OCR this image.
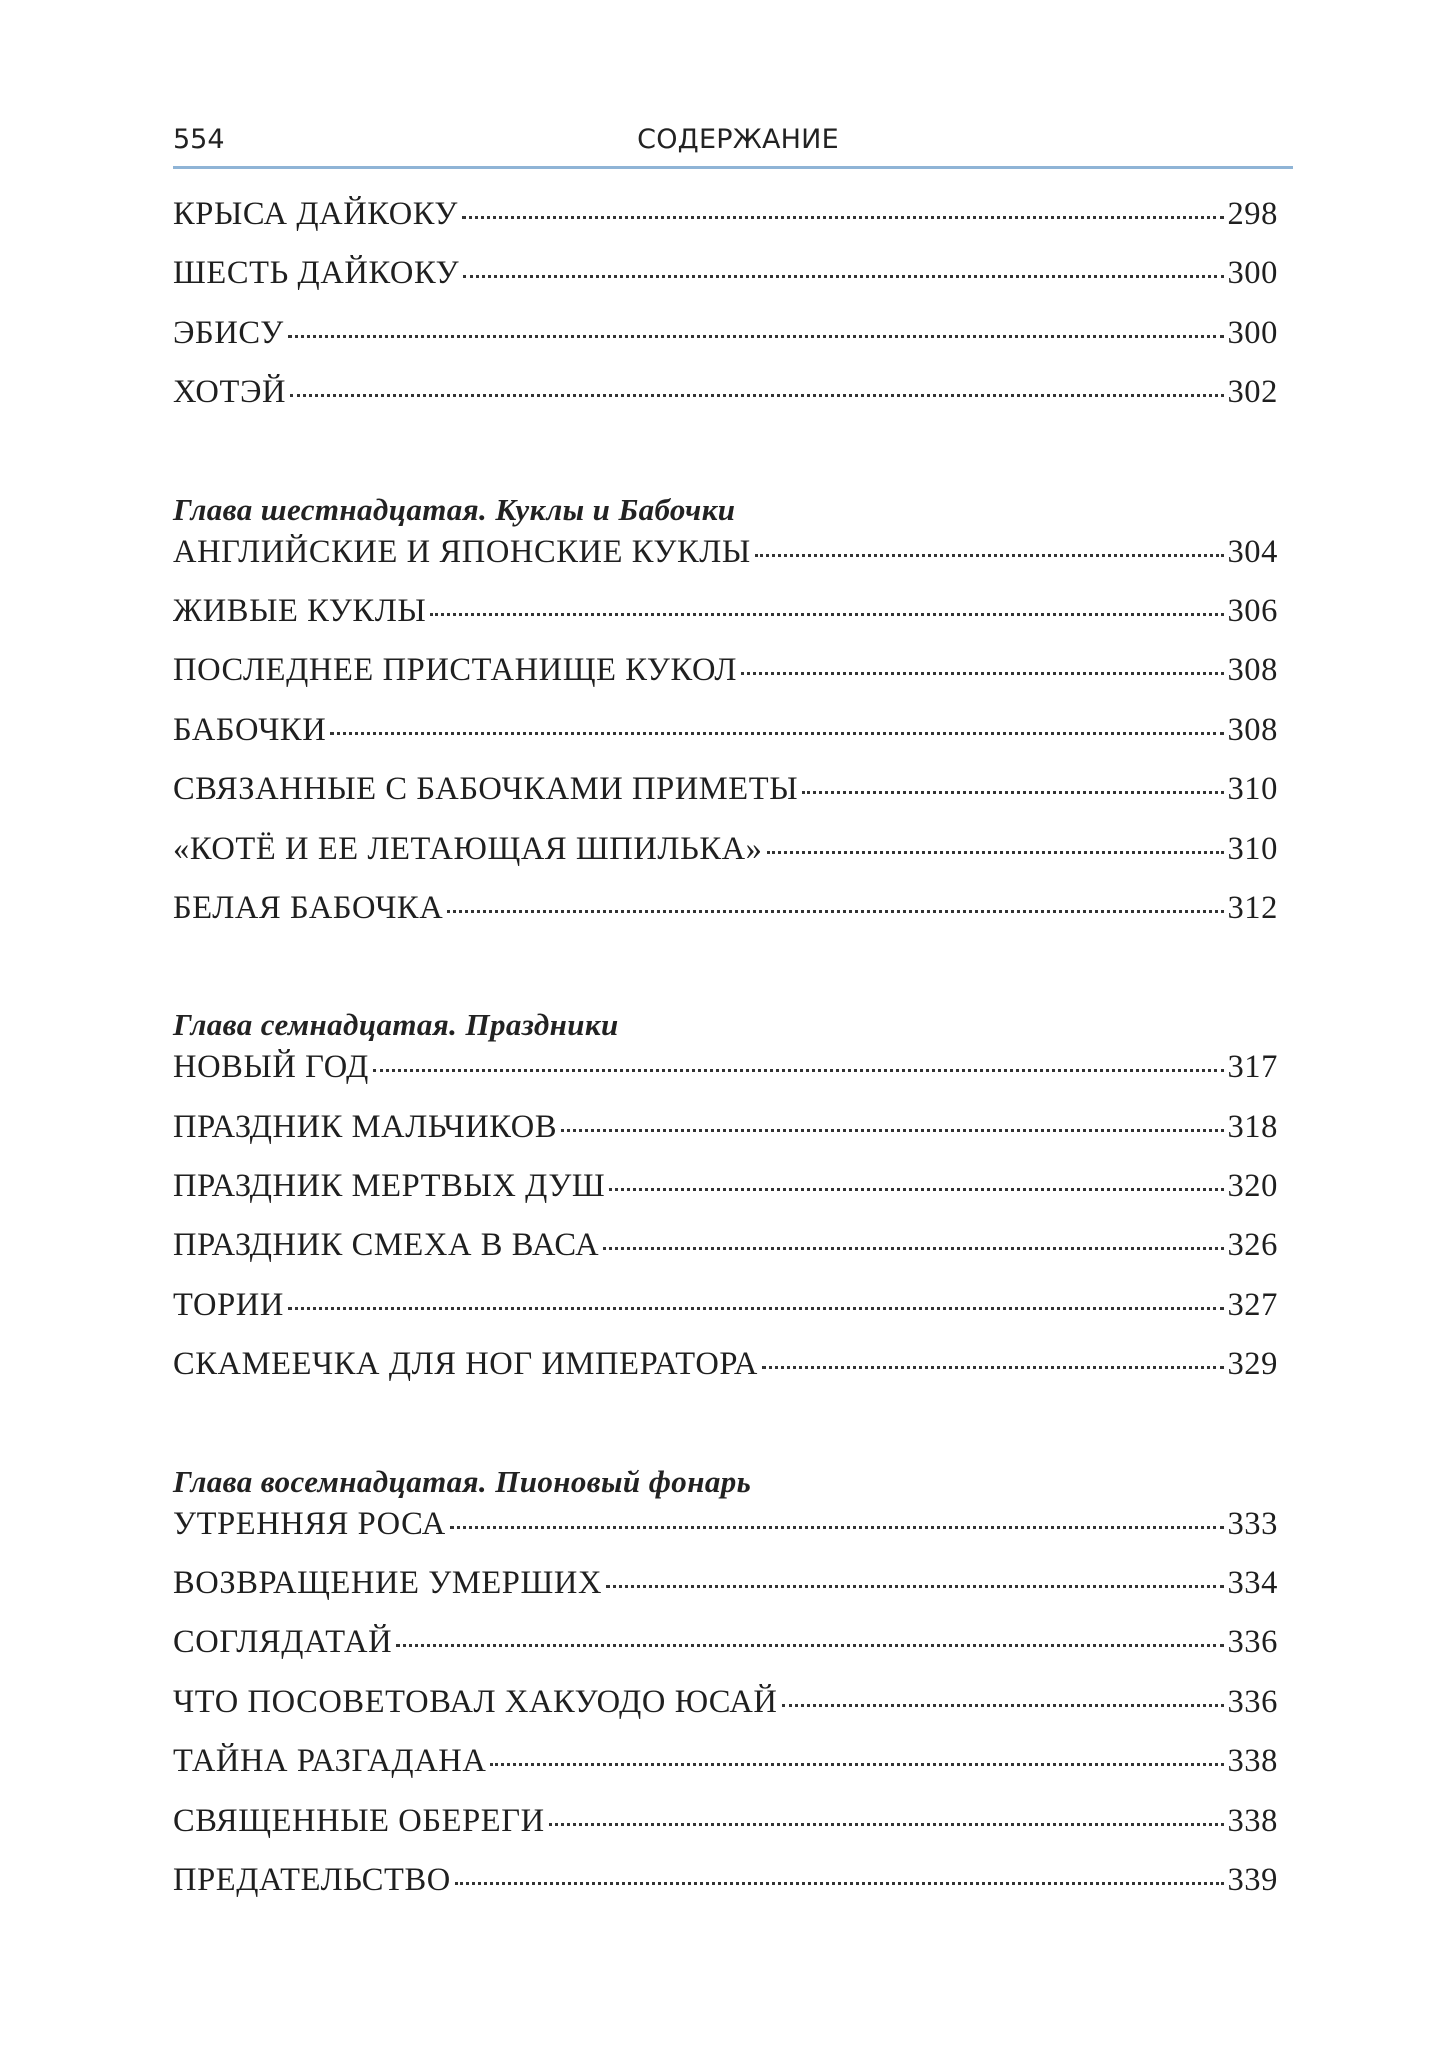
554	СОДЕРЖАНИЕ
КРЫСА ДАЙКОКУ	298
ШЕСТЬ ДАЙКОКУ	300
ЭБИСУ	300
ХОТЭЙ	302
Глава шестнадцатая. Куклы и Бабочки
АНГЛИЙСКИЕ И ЯПОНСКИЕ КУКЛЫ	304
ЖИВЫЕ КУКЛЫ	306
ПОСЛЕДНЕЕ ПРИСТАНИЩЕ КУКОЛ	308
БАБОЧКИ	308
СВЯЗАННЫЕ С БАБОЧКАМИ ПРИМЕТЫ	310
«КОТЁ И ЕЕ ЛЕТАЮЩАЯ ШПИЛЬКА»	310
БЕЛАЯ БАБОЧКА	312
Глава семнадцатая. Праздники
НОВЫЙ ГОД	317
ПРАЗДНИК МАЛЬЧИКОВ	318
ПРАЗДНИК МЕРТВЫХ ДУШ	320
ПРАЗДНИК СМЕХА В ВАСА	326
ТОРИИ	327
СКАМЕЕЧКА ДЛЯ НОГ ИМПЕРАТОРА	329
Глава восемнадцатая. Пионовый фонарь
УТРЕННЯЯ РОСА	333
ВОЗВРАЩЕНИЕ УМЕРШИХ	334
СОГЛЯДАТАЙ	336
ЧТО ПОСОВЕТОВАЛ ХАКУОДО ЮСАЙ	336
ТАЙНА РАЗГАДАНА	338
СВЯЩЕННЫЕ ОБЕРЕГИ	338
ПРЕДАТЕЛЬСТВО	339
